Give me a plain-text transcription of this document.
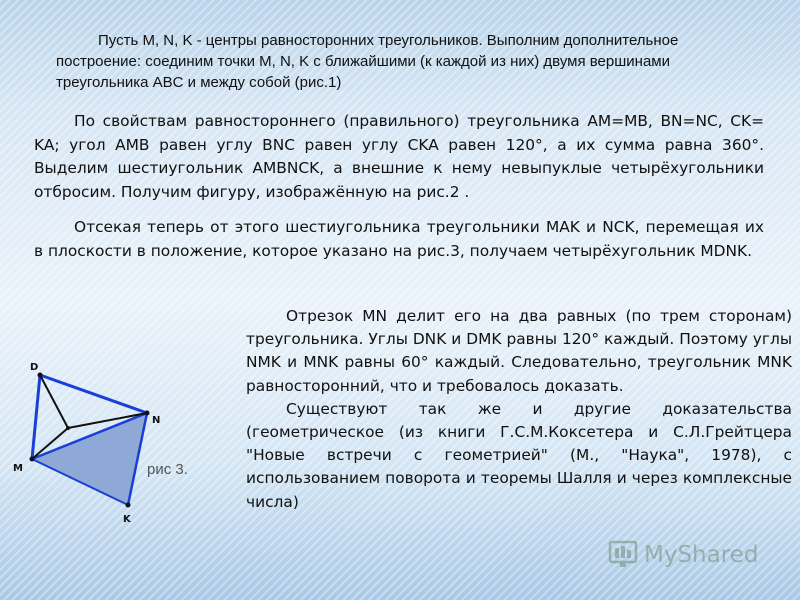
Пусть M, N, K - центры равносторонних треугольников. Выполним дополнительное построение: соединим точки M, N, K с ближайшими (к каждой из них) двумя вершинами треугольника ABC и между собой (рис.1)

По свойствам равностороннего (правильного) треугольника AM=MB, BN=NC, CK= KA; угол AMB равен углу BNC равен углу CKA равен 120°, а их сумма равна 360°. Выделим шестиугольник AMBNCK, а внешние к нему невыпуклые четырёхугольники отбросим. Получим фигуру, изображённую на рис.2 .

Отсекая теперь от этого шестиугольника треугольники MAK и NCK, перемещая их в плоскости в положение, которое указано на рис.3, получаем четырёхугольник MDNK.

Отрезок MN делит его на два равных (по трем сторонам) треугольника. Углы DNK и DMK равны 120° каждый. Поэтому углы NMK и MNK равны 60° каждый. Следовательно, треугольник MNK равносторонний, что и требовалось доказать.

Существуют так же и другие доказательства (геометрическое (из книги Г.С.М.Коксетера и С.Л.Грейтцера "Новые встречи с геометрией" (М., "Наука", 1978), с использованием поворота и теоремы Шалля и через комплексные числа)

D
N
M
K
рис 3.
MyShared
